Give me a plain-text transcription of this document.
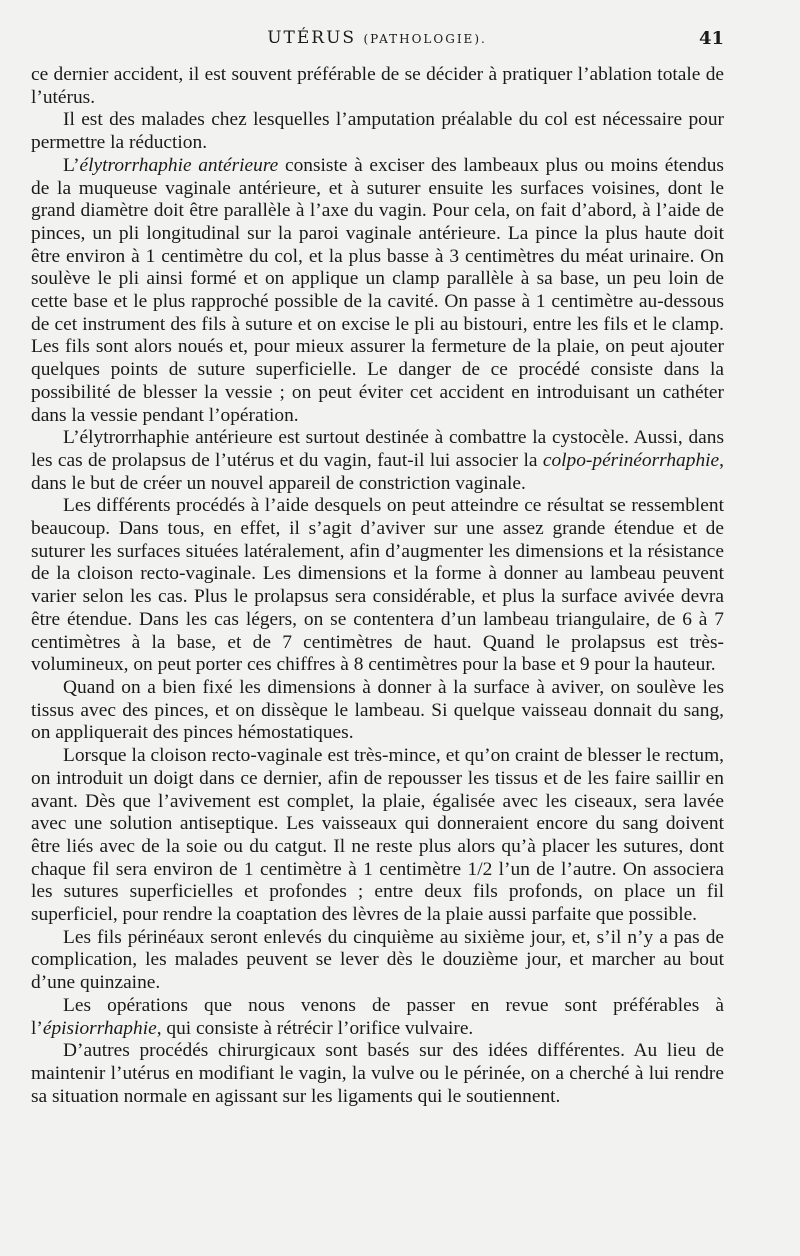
UTÉRUS (PATHOLOGIE).	41

ce dernier accident, il est souvent préférable de se décider à pratiquer l’ablation totale de l’utérus.

Il est des malades chez lesquelles l’amputation préalable du col est nécessaire pour permettre la réduction.

L’élytrorrhaphie antérieure consiste à exciser des lambeaux plus ou moins étendus de la muqueuse vaginale antérieure, et à suturer ensuite les surfaces voisines, dont le grand diamètre doit être parallèle à l’axe du vagin. Pour cela, on fait d’abord, à l’aide de pinces, un pli longitudinal sur la paroi vaginale antérieure. La pince la plus haute doit être environ à 1 centimètre du col, et la plus basse à 3 centimètres du méat urinaire. On soulève le pli ainsi formé et on applique un clamp parallèle à sa base, un peu loin de cette base et le plus rapproché possible de la cavité. On passe à 1 centimètre au-dessous de cet instrument des fils à suture et on excise le pli au bistouri, entre les fils et le clamp. Les fils sont alors noués et, pour mieux assurer la fermeture de la plaie, on peut ajouter quelques points de suture superficielle. Le danger de ce procédé consiste dans la possibilité de blesser la vessie ; on peut éviter cet accident en introduisant un cathéter dans la vessie pendant l’opération.

L’élytrorrhaphie antérieure est surtout destinée à combattre la cystocèle. Aussi, dans les cas de prolapsus de l’utérus et du vagin, faut-il lui associer la colpo-périnéorrhaphie, dans le but de créer un nouvel appareil de constriction vaginale.

Les différents procédés à l’aide desquels on peut atteindre ce résultat se ressemblent beaucoup. Dans tous, en effet, il s’agit d’aviver sur une assez grande étendue et de suturer les surfaces situées latéralement, afin d’augmenter les dimensions et la résistance de la cloison recto-vaginale. Les dimensions et la forme à donner au lambeau peuvent varier selon les cas. Plus le prolapsus sera considérable, et plus la surface avivée devra être étendue. Dans les cas légers, on se contentera d’un lambeau triangulaire, de 6 à 7 centimètres à la base, et de 7 centimètres de haut. Quand le prolapsus est très-volumineux, on peut porter ces chiffres à 8 centimètres pour la base et 9 pour la hauteur.

Quand on a bien fixé les dimensions à donner à la surface à aviver, on soulève les tissus avec des pinces, et on dissèque le lambeau. Si quelque vaisseau donnait du sang, on appliquerait des pinces hémostatiques.

Lorsque la cloison recto-vaginale est très-mince, et qu’on craint de blesser le rectum, on introduit un doigt dans ce dernier, afin de repousser les tissus et de les faire saillir en avant. Dès que l’avivement est complet, la plaie, égalisée avec les ciseaux, sera lavée avec une solution antiseptique. Les vaisseaux qui donneraient encore du sang doivent être liés avec de la soie ou du catgut. Il ne reste plus alors qu’à placer les sutures, dont chaque fil sera environ de 1 centimètre à 1 centimètre 1/2 l’un de l’autre. On associera les sutures superficielles et profondes ; entre deux fils profonds, on place un fil superficiel, pour rendre la coaptation des lèvres de la plaie aussi parfaite que possible.

Les fils périnéaux seront enlevés du cinquième au sixième jour, et, s’il n’y a pas de complication, les malades peuvent se lever dès le douzième jour, et marcher au bout d’une quinzaine.

Les opérations que nous venons de passer en revue sont préférables à l’épisiorrhaphie, qui consiste à rétrécir l’orifice vulvaire.

D’autres procédés chirurgicaux sont basés sur des idées différentes. Au lieu de maintenir l’utérus en modifiant le vagin, la vulve ou le périnée, on a cherché à lui rendre sa situation normale en agissant sur les ligaments qui le soutiennent.
